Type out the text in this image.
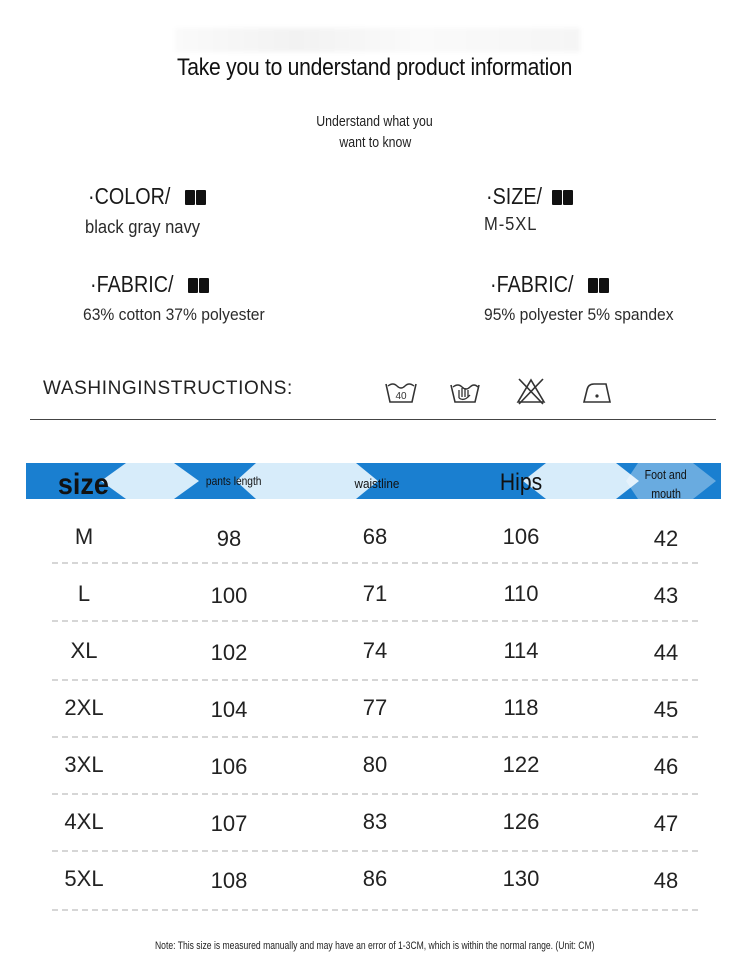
Take you to understand product information
Understand what you
want to know
·COLOR/
black gray navy
·SIZE/
M-5XL
·FABRIC/
63% cotton 37% polyester
·FABRIC/
95% polyester 5% spandex
WASHINGINSTRUCTIONS:	40
size	pants length	waistline	Hips	Foot and
mouth
M	98	68	106	42
L	100	71	110	43
XL	102	74	114	44
2XL	104	77	118	45
3XL	106	80	122	46
4XL	107	83	126	47
5XL	108	86	130	48
Note: This size is measured manually and may have an error of 1-3CM, which is within the normal range. (Unit: CM)
